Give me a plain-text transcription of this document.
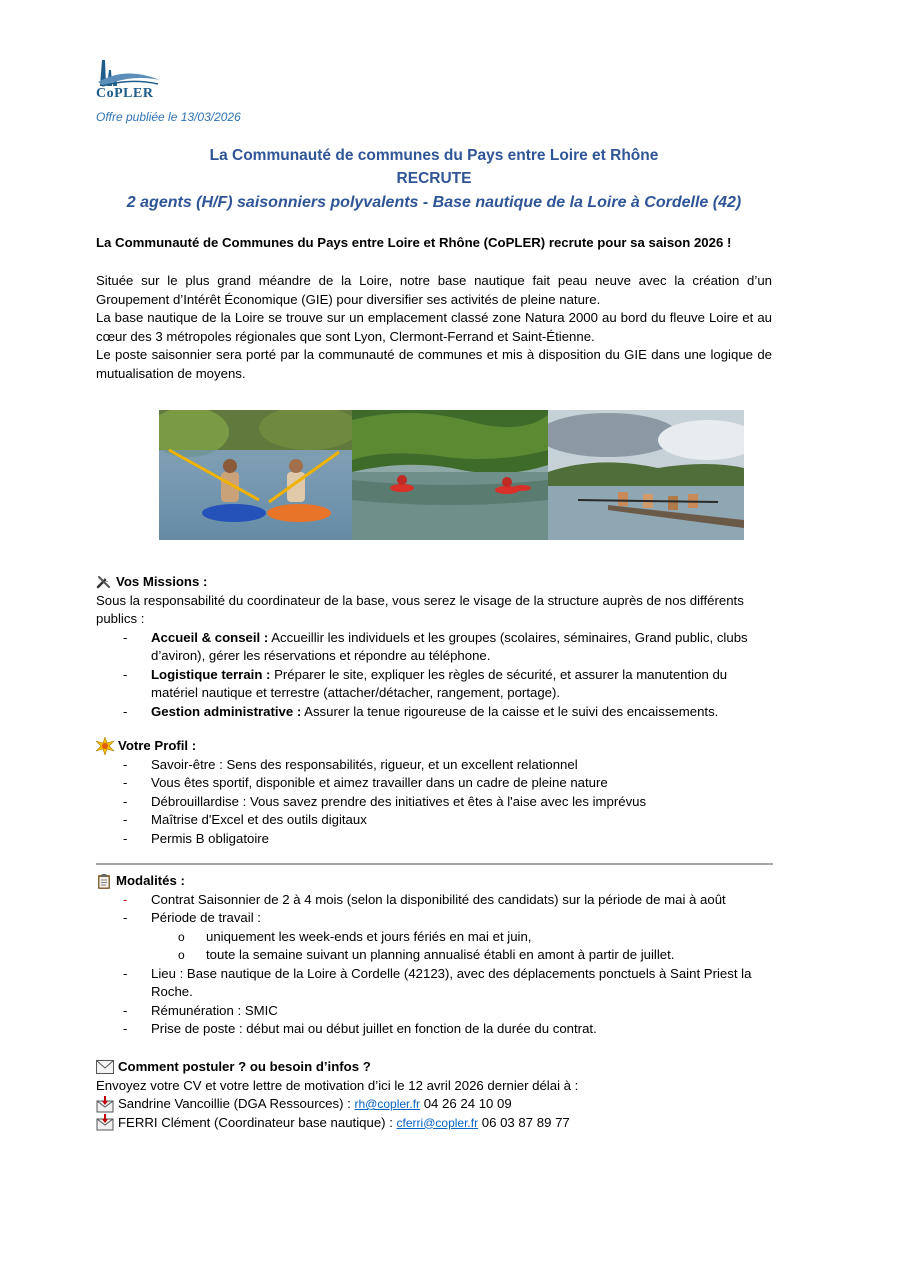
CoPLER
Offre publiée le 13/03/2026
La Communauté de communes du Pays entre Loire et Rhône
RECRUTE
2 agents (H/F) saisonniers polyvalents - Base nautique de la Loire à Cordelle (42)
La Communauté de Communes du Pays entre Loire et Rhône (CoPLER) recrute pour sa saison 2026 !

Située sur le plus grand méandre de la Loire, notre base nautique fait peau neuve avec la création d’un Groupement d’Intérêt Économique (GIE) pour diversifier ses activités de pleine nature.

La base nautique de la Loire se trouve sur un emplacement classé zone Natura 2000 au bord du fleuve Loire et au cœur des 3 métropoles régionales que sont Lyon, Clermont-Ferrand et Saint-Étienne.

Le poste saisonnier sera porté par la communauté de communes et mis à disposition du GIE dans une logique de mutualisation de moyens.

Vos Missions :
Sous la responsabilité du coordinateur de la base, vous serez le visage de la structure auprès de nos différents publics :
- Accueil & conseil : Accueillir les individuels et les groupes (scolaires, séminaires, Grand public, clubs d’aviron), gérer les réservations et répondre au téléphone.
- Logistique terrain : Préparer le site, expliquer les règles de sécurité, et assurer la manutention du matériel nautique et terrestre (attacher/détacher, rangement, portage).
- Gestion administrative : Assurer la tenue rigoureuse de la caisse et le suivi des encaissements.
Votre Profil :
- Savoir-être : Sens des responsabilités, rigueur, et un excellent relationnel
- Vous êtes sportif, disponible et aimez travailler dans un cadre de pleine nature
- Débrouillardise : Vous savez prendre des initiatives et êtes à l'aise avec les imprévus
- Maîtrise d'Excel et des outils digitaux
- Permis B obligatoire
Modalités :
- Contrat Saisonnier de 2 à 4 mois (selon la disponibilité des candidats) sur la période de mai à août
- Période de travail :
o uniquement les week-ends et jours fériés en mai et juin,
o toute la semaine suivant un planning annualisé établi en amont à partir de juillet.
- Lieu : Base nautique de la Loire à Cordelle (42123), avec des déplacements ponctuels à Saint Priest la Roche.
- Rémunération : SMIC
- Prise de poste : début mai ou début juillet en fonction de la durée du contrat.
Comment postuler ? ou besoin d’infos ?
Envoyez votre CV et votre lettre de motivation d’ici le 12 avril 2026 dernier délai à :
Sandrine Vancoillie (DGA Ressources) : rh@copler.fr 04 26 24 10 09
FERRI Clément (Coordinateur base nautique) : cferri@copler.fr 06 03 87 89 77
